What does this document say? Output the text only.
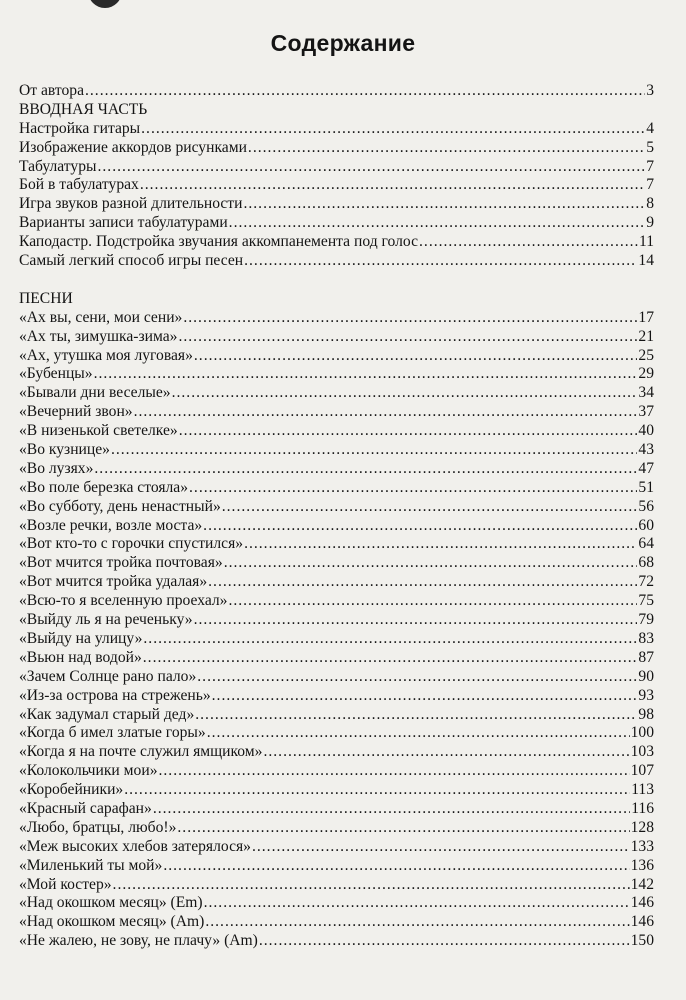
Содержание
От автора .....	3
ВВОДНАЯ ЧАСТЬ
Настройка гитары .....	4
Изображение аккордов рисунками .....	5
Табулатуры .....	7
Бой в табулатурах .....	7
Игра звуков разной длительности .....	8
Варианты записи табулатурами .....	9
Каподастр. Подстройка звучания аккомпанемента под голос .....	11
Самый легкий способ игры песен .....	14
ПЕСНИ
«Ах вы, сени, мои сени» .....	17
«Ах ты, зимушка-зима» .....	21
«Ах, утушка моя луговая» .....	25
«Бубенцы» .....	29
«Бывали дни веселые» .....	34
«Вечерний звон» .....	37
«В низенькой светелке» .....	40
«Во кузнице» .....	43
«Во лузях» .....	47
«Во поле березка стояла» .....	51
«Во субботу, день ненастный» .....	56
«Возле речки, возле моста» .....	60
«Вот кто-то с горочки спустился» .....	64
«Вот мчится тройка почтовая» .....	68
«Вот мчится тройка удалая» .....	72
«Всю-то я вселенную проехал» .....	75
«Выйду ль я на реченьку» .....	79
«Выйду на улицу» .....	83
«Вьюн над водой» .....	87
«Зачем Солнце рано пало» .....	90
«Из-за острова на стрежень» .....	93
«Как задумал старый дед» .....	98
«Когда б имел златые горы» .....	100
«Когда я на почте служил ямщиком» .....	103
«Колокольчики мои» .....	107
«Коробейники» .....	113
«Красный сарафан» .....	116
«Любо, братцы, любо!» .....	128
«Меж высоких хлебов затерялося» .....	133
«Миленький ты мой» .....	136
«Мой костер» .....	142
«Над окошком месяц» (Em) .....	146
«Над окошком месяц» (Am) .....	146
«Не жалею, не зову, не плачу» (Am) .....	150
